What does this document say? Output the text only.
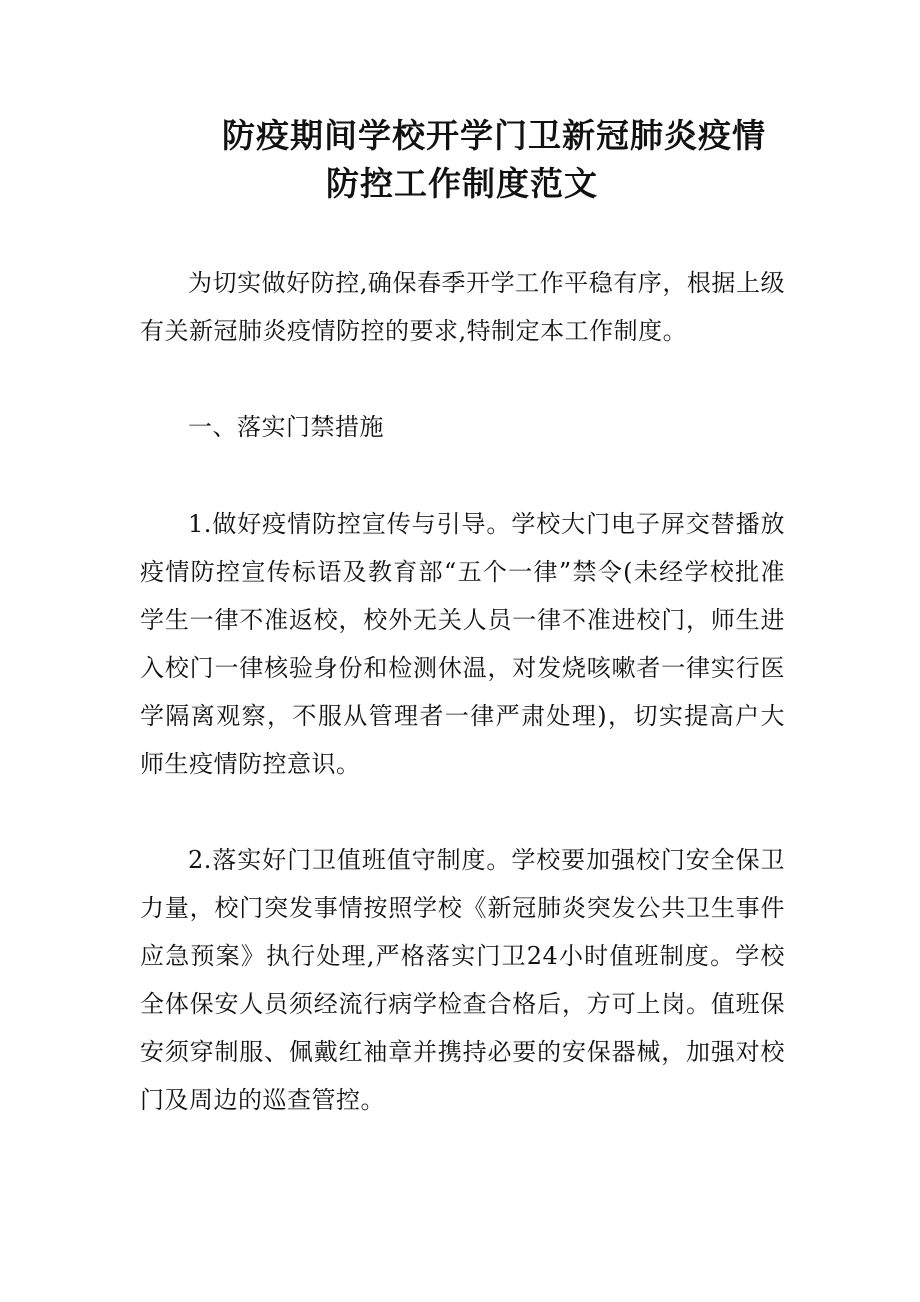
防疫期间学校开学门卫新冠肺炎疫情
防控工作制度范文

为切实做好防控,确保春季开学工作平稳有序，根据上级有关新冠肺炎疫情防控的要求,特制定本工作制度。

一、落实门禁措施

1.做好疫情防控宣传与引导。学校大门电子屏交替播放疫情防控宣传标语及教育部“五个一律”禁令(未经学校批准学生一律不准返校，校外无关人员一律不准进校门，师生进入校门一律核验身份和检测休温，对发烧咳嗽者一律实行医学隔离观察，不服从管理者一律严肃处理)，切实提高户大师生疫情防控意识。

2.落实好门卫值班值守制度。学校要加强校门安全保卫力量，校门突发事情按照学校《新冠肺炎突发公共卫生事件应急预案》执行处理,严格落实门卫24小时值班制度。学校全体保安人员须经流行病学检查合格后，方可上岗。值班保安须穿制服、佩戴红袖章并携持必要的安保器械，加强对校门及周边的巡查管控。
